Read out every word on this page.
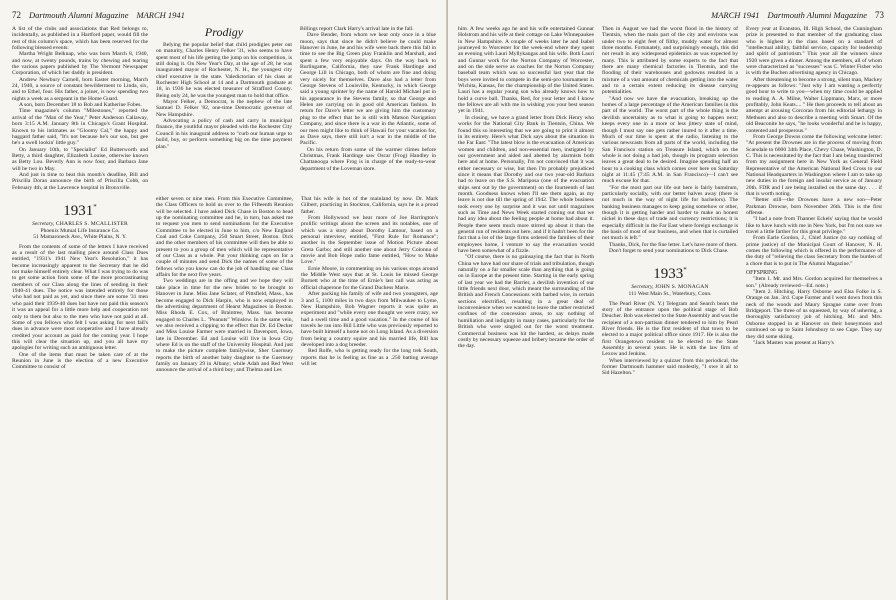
72 Dartmouth Alumni Magazine MARCH 1941

A list of the clubs and associations that Red belongs to, incidentally, as published in a Hartford paper, would fill the rest of this column's space, which has been reserved for the following blessed events:

Martha Wright Belknap, who was born March 8, 1940, and now, at twenty pounds, trains by chewing and tearing the various papers published by The Vermont Newspaper Corporation, of which her daddy is president.

Andrew Newbury Carnell, born Easter morning, March 24, 1940, a source of constant bewilderment to Linda, six, and to Ethel, four. His father, a joiner, is now spending two nights a week as a sergeant in the Home Guard.

A son, born December 18 to Bob and Katherine Fobes.

Time magazine's column "Milestones," reported the arrival of the "Man of the Year," Peter Anderson Callaway, born 3:15 A.M. January 8th in Chicago's Grant Hospital. Known to his intimates as "Gloomy Cal," the happy and haggard father said, "It's not because he's our son, but gee he's a swell lookin' little guy."

On January 10th, to "Specialist" Ed Butterworth and Betty, a third daughter, Elizabeth Louise, otherwise known as Betty Lou. Beverly Ann is now four, and Barbara Jane will be two in May.

And just in time to beat this month's deadline, Bill and Priscilla Doran announce the birth of Priscilla Cobb, on February 4th, at the Lawrence hospital in Bronxville.

1931*
Secretary, CHARLES S. MCALLISTER
Phoenix Mutual Life Insurance Co.
51 Mamaroneck Ave., White Plains, N. Y.

From the contents of some of the letters I have received as a result of the last mailing piece around Class Dues entitled, "1931's 1941 New Year's Resolution," it has become increasingly apparent to the Secretary that he did not make himself entirely clear. What I was trying to do was to get some action from some of the more procrastinating members of our Class along the lines of sending in their 1940-41 dues. The notice was intended entirely for those who had not paid as yet, and since there are some '31 men who paid their 1939-40 dues but have not paid this season's it was an appeal for a little more help and cooperation not only to them but also to the men who have not paid at all. Some of you fellows who felt I was asking for next fall's dues in advance were most cooperative and I have already credited your account as paid for the coming year. I hope this will clear the situation up, and you all have my apologies for writing such an ambiguous letter.

One of the items that must be taken care of at the Reunion in June is the election of a new Executive Committee to consist of

Prodigy

Belying the popular belief that child prodigies peter out on maturity, Charles Henry Felker '31, who seems to have spent most of his life getting the jump on his competition, is still doing it. On New Year's Day, at the age of 28, he was inaugurated mayor of Rochester, N. H., the youngest city chief executive in the state. Valedictorian of his class at Rochester High School at 14 and a Dartmouth graduate at 18, in 1936 he was elected treasurer of Strafford County. Being only 24, he was the youngest man to hold that office.

Mayor Felker, a Democrat, is the nephew of the late Samuel D. Felker '82, one-time Democratic governor of New Hampshire.

Advocating a policy of cash and carry in municipal finance, the youthful mayor pleaded with the Rochester City Council in his inaugural address to "curb our human urge to build, buy, or perform something big on the time payment plan."

Billings report Clark Harry's arrival late in the fall.

Dave Bender, from whom we hear only once in a blue moon, says that since he didn't believe he could make Hanover in June, he and his wife were back there this fall in time to see the Big Green play Franklin and Marshall, and spent a few very enjoyable days. On the way back to Burlingame, California, they saw Frank Hardinge and George Lill in Chicago, both of whom are fine and doing very nicely for themselves. Dave also had a letter from George Stevens of Louisville, Kentucky, in which George said a young sprinter by the name of Harold Michael put in his appearance in the Stevens family, so that George and Helen are carrying on in good old American fashion. In return for Dave's letter we are giving him the customary plug to the effect that he is still with Matson Navigation Company, and since there is a war in the Atlantic, some of our men might like to think of Hawaii for your vacation for, as Dave says, there still isn't a war in the middle of the Pacific.

On his return from some of the warmer climes before Christmas, Frank Hardinge saw Oscar (Frog) Handley in Chattanooga where Frog is in charge of the ready-to-wear department of the Loveman store.

either seven or nine men. From this Executive Committee, the Class Officers to hold us over to the Fifteenth Reunion will be selected. I have asked Dick Chase in Boston to head up the nominating committee and he, in turn, has asked me to request you men to send nominations for the Executive Committee to be elected in June to him, c/o New England Coal and Coke Company, 250 Stuart Street, Boston. Dick and the other members of his committee will then be able to present to you a group of men which will be representative of our Class as a whole. Put your thinking caps on for a couple of minutes and send Dick the names of some of the fellows who you know can do the job of handling our Class affairs for the next five years.

Two weddings are in the offing and we hope they will take place in time for the new brides to be brought to Hanover in June. Miss Jane Sclater, of Pittsfield, Mass., has become engaged to Dick Harpin, who is now employed in the advertising department of Hearst Magazines in Boston. Miss Rhoda E. Cox, of Braintree, Mass. has become engaged to Charles L. "Peanuts" Winslow. In the same vein, we also received a clipping to the effect that Dr. Ed Decker and Miss Louise Farmer were married in Davenport, Iowa, late in December. Ed and Louise will live in Iowa City where Ed is on the staff of the University Hospital. And just to make the picture complete familywise, Sher Guernsey reports the birth of another baby daughter to the Guernsey family on January 29 in Albany; while Adah and Red West announce the arrival of a third boy; and Thelma and Les

That his wife is hot of the mainland by now. Dr. Mark Gilbert, practicing in Stockton, California, says he is a proud father.

From Hollywood we hear more of Joe Barrington's prolific writings about the screen and its notables, one of which was a story about Dorothy Lamour, based on a personal interview, entitled, "First Rule for Romance"; another in the September issue of Motion Picture about Greta Garbo; and still another one about Jerry Colonna of movie and Bob Hope radio fame entitled, "How to Make Love."

Ernie Moore, in commenting on his various stops around the Middle West says that at St. Louis he missed George Burnett who at the time of Ernie's last call was acting as official chaperone for the Grand Duchess Marie.

After packing his family of wife and two youngsters, age 3 and 5, 1100 miles in two days from Milwaukee to Lyme, New Hampshire, Bob Wagner reports it was quite an experiment and "while every one thought we were crazy, we had a swell time and a good vacation." In the course of his travels he ran into Bill Little who was previously reported to have built himself a home not on Long Island. As a diversion from being a country squire and his married life, Bill has developed into a dog breeder.

Red Rolfe, who is getting ready for the long trek South, reports that he is feeling as fine as a .250 batting average will let

MARCH 1941 Dartmouth Alumni Magazine 73

him. A few weeks ago he and his wife entertained Gunnar Holstrom and his wife at their cottage on Lake Winnepaukee in New Hampshire. A couple of weeks later he and Isabel journeyed to Worcester for the week-end where they spent an evening with Lauri Myllykangas and his wife. Both Lauri and Gunnar work for the Norton Company of Worcester, and on the side serve as coaches for the Norton Company baseball team which was so successful last year that the boys were invited to compete in the semi-pro tournament in Wichita, Kansas, for the championship of the United States. Lauri has a regular young son who already knows how to hold a curve ball. Thanks, Red, for your letter and I know the fellows are all with me in wishing you your best season yet in 1941.

In closing, we have a grand letter from Dick Henry who works for the National City Bank in Tientsin, China. We found this so interesting that we are going to print it almost in its entirety. Here's what Dick says about the situation in the Far East: "The latest blow is the evacuation of American women and children, and non-essential men, instigated by our government and aided and abetted by alarmists both here and at home. Personally, I'm not convinced that it was either necessary or wise, but then I'm probably prejudiced since it means that Dorothy and our two year-old Barbara had to leave on the S.S. Mariposa (one of the evacuation ships sent out by the government) on the fourteenth of last month. Goodness knows when I'll see them again, as my leave is not due till the spring of 1942. The whole business took every one by surprise and it was not until magazines such as Time and News Week started coming out that we had any idea about the feeling people at home had about it. People there seem much more stirred up about it than the general run of residents out here, and if it hadn't been for the fact that a lot of the large firms ordered the families of their employees home, I venture to say the evacuation would have been somewhat of a fizzle.

"Of course, there is no gainsaying the fact that in North China we have had our share of trials and tribulation, though naturally on a far smaller scale than anything that is going on in Europe at the present time. Starting in the early spring of last year we had the Barrier, a devilish invention of our little friends next door, which meant the surrounding of the British and French Concessions with barbed wire, in certain sections electrified, resulting in a great deal of inconvenience when we wanted to leave the rather restricted confines of the concession areas, to say nothing of humiliation and indignity in many cases, particularly for the British who were singled out for the worst treatment. Commercial business was hit the hardest, as delays made costly by necessary squeeze and bribery became the order of the day.

Then in August we had the worst flood in the history of Tientsin, when the main part of the city and environs was under two to eight feet of filthy, muddy water for almost three months. Fortunately, and surprisingly enough, this did not result in any widespread epidemics as was expected by many. This is attributed by some experts to the fact that there are many chemical factories in Tientsin, and the flooding of their warehouses and godowns resulted in a mixture of a vast amount of chemicals getting into the water and to a certain extent reducing its disease carrying potentialities.

"And now we have the evacuation, breaking up the homes of a large percentage of the American families in this part of the world. The worst part of the whole thing is the devilish uncertainty as to what is going to happen next; keeps every one in a more or less jittery state of mind, though I must say one gets rather inured to it after a time. Much of our time is spent at the radio, listening to the various newscasts from all parts of the world, including the San Francisco station on Treasure Island, which on the whole is not doing a bad job, though its program selection leaves a great deal to be desired. Imagine spending half an hour to a cooking class which comes over here on Saturday night at 11:45 (7:45 A.M. in San Francisco)—I can't see much excuse for that.

"For the most part our life out here is fairly humdrum, particularly socially, with our better halves away (there is not much in the way of night life for bachelors). The banking business manages to keep going somehow or other, though it is getting harder and harder to make an honest nickel in these days of trade and currency restrictions; it is especially difficult in the Far East where foreign exchange is the basis of most of our business, and when that is curtailed not much is left."

Thanks, Dick, for the fine letter. Let's have more of them.

Don't forget to send your nominations to Dick Chase.

1933*
Secretary, JOHN S. MONAGAN
111 West Main St., Waterbury, Conn.

The Pearl River (N. Y.) Telegram and Search bears the story of the entrance upon the political stage of Bob Deucher. Bob was elected to the State Assembly and was the recipient of a non-partisan dinner tendered to him by Pearl River friends. He is the first resident of that town to be elected to a major political office since 1917. He is also the first Orangetown resident to be elected to the State Assembly in several years. He is with the law firm of Lexow and Jenkins.

When interviewed by a quizzer from this periodical, the former Dartmouth hammer said modestly, "I owe it all to Sid Hazelton."

Every year at Evanston, Ill. High School, the Cunningham prize is presented to that member of the graduating class who is highest in the class based on a standard of "intellectual ability, faithful service, capacity for leadership and spirit of patriotism." This year all the winners since 1920 were given a dinner. Among the members, all of whom were characterized as "successes" was C. Winter Fisher who is with the Buchen advertising agency in Chicago.

After threatening to become a strong, silent man, Mackey re-appears as follows: "Just why I am wasting a perfectly good hour to write to you—when my time could be applied to reading A. A. Milne, Walter Lippmann, Marx, or more profitably, John Keats.... " He then proceeds to tell about an attempt at arousing Corcoran from his editorial lethargy in Methuen and also to describe a meeting with Smart. Of the old Beaconite he says, "he looks wonderful and he is happy, contented and prosperous."

From George Downs come the following welcome letter: "At present the Drownes are in the process of moving from Scarsdale to 6000 34th Place, Chevy Chase, Washington, D. C. This is necessitated by the fact that I am being transferred from my assignment here in New York as General Field Representative of the American National Red Cross to our National Headquarters in Washington where I am to take up new duties in the foreign and insular service as of January 20th. FDR and I are being installed on the same day. . . . if that is worth noting.

"Better still—the Drownes have a new son—Peter Parkman Drowne, born November 26th. This is the first offense.

"I had a note from Thanner Eckels' saying that he would like to have lunch with me in New York, but I'm not sure we travel a little farther for this great privilege."

From Earle Gordon, J., Chief Justice (to say nothing of prime justice) of the Municipal Court of Hanover, N. H. comes the following which is offered in the performance of the duty of "relieving the class Secretary from the burden of a chore that is to put in The Alumni Magazine."

OFFSPRING

"Item 1. Mr. and Mrs. Gordon acquired for themselves a son." (Already reviewed—Ed. note.)

"Item 2. Hitching. Harry Osborne and Elsa Folke in S. Orange on Jan. 3rd. Cupe Farmer and I went down from this neck of the woods and Maury Sprague came over from Bridgeport. The three of us squeezed, by way of ushering, a thoroughly satisfactory job of hitching. Mr. and Mrs. Osborne stopped in at Hanover on their honeymoon and continued on up to Saint Johnsbury to see Cupe. They say they did some skiing.

"Jack Masten was present at Harry's
